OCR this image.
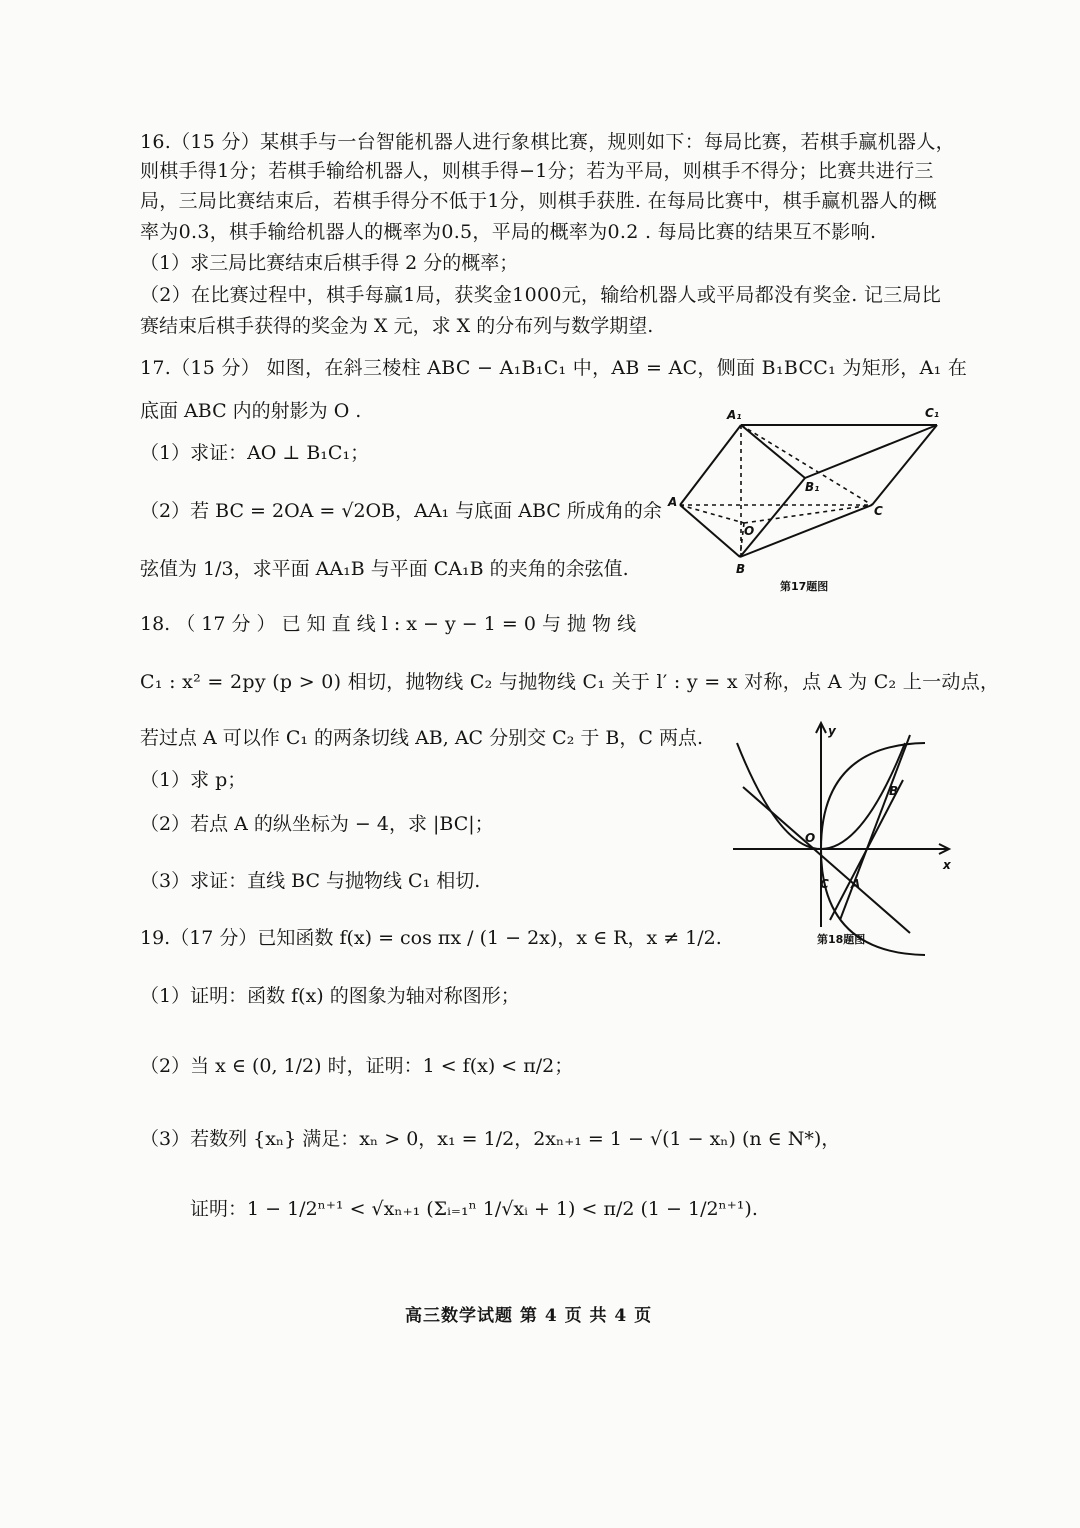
16.（15 分）某棋手与一台智能机器人进行象棋比赛，规则如下：每局比赛，若棋手赢机器人，
则棋手得1分；若棋手输给机器人，则棋手得−1分；若为平局，则棋手不得分；比赛共进行三
局，三局比赛结束后，若棋手得分不低于1分，则棋手获胜. 在每局比赛中，棋手赢机器人的概
率为0.3，棋手输给机器人的概率为0.5，平局的概率为0.2 . 每局比赛的结果互不影响.
（1）求三局比赛结束后棋手得 2 分的概率；
（2）在比赛过程中，棋手每赢1局，获奖金1000元，输给机器人或平局都没有奖金. 记三局比
赛结束后棋手获得的奖金为 X 元，求 X 的分布列与数学期望.
17.（15 分） 如图，在斜三棱柱 ABC − A₁B₁C₁ 中，AB = AC，侧面 B₁BCC₁ 为矩形，A₁ 在
底面 ABC 内的射影为 O .
（1）求证：AO ⊥ B₁C₁；
（2）若 BC = 2OA = √2OB，AA₁ 与底面 ABC 所成角的余
弦值为 1/3，求平面 AA₁B 与平面 CA₁B 的夹角的余弦值.
A₁	C₁
B₁
A
C
O
B
第17题图
18. （ 17 分 ） 已 知 直 线 l : x − y − 1 = 0 与 抛 物 线
C₁ : x² = 2py (p > 0) 相切，抛物线 C₂ 与抛物线 C₁ 关于 l′ : y = x 对称，点 A 为 C₂ 上一动点，
若过点 A 可以作 C₁ 的两条切线 AB, AC 分别交 C₂ 于 B，C 两点.
（1）求 p；
（2）若点 A 的纵坐标为 − 4，求 |BC|；
（3）求证：直线 BC 与抛物线 C₁ 相切.
y
B
O
x
C A
第18题图
19.（17 分）已知函数 f(x) = cos πx / (1 − 2x)，x ∈ R，x ≠ 1/2.
（1）证明：函数 f(x) 的图象为轴对称图形；
（2）当 x ∈ (0, 1/2) 时，证明：1 < f(x) < π/2；
（3）若数列 {xₙ} 满足：xₙ > 0，x₁ = 1/2，2xₙ₊₁ = 1 − √(1 − xₙ) (n ∈ N*)，
证明：1 − 1/2ⁿ⁺¹ < √xₙ₊₁ (Σᵢ₌₁ⁿ 1/√xᵢ + 1) < π/2 (1 − 1/2ⁿ⁺¹).
高三数学试题 第 4 页 共 4 页
